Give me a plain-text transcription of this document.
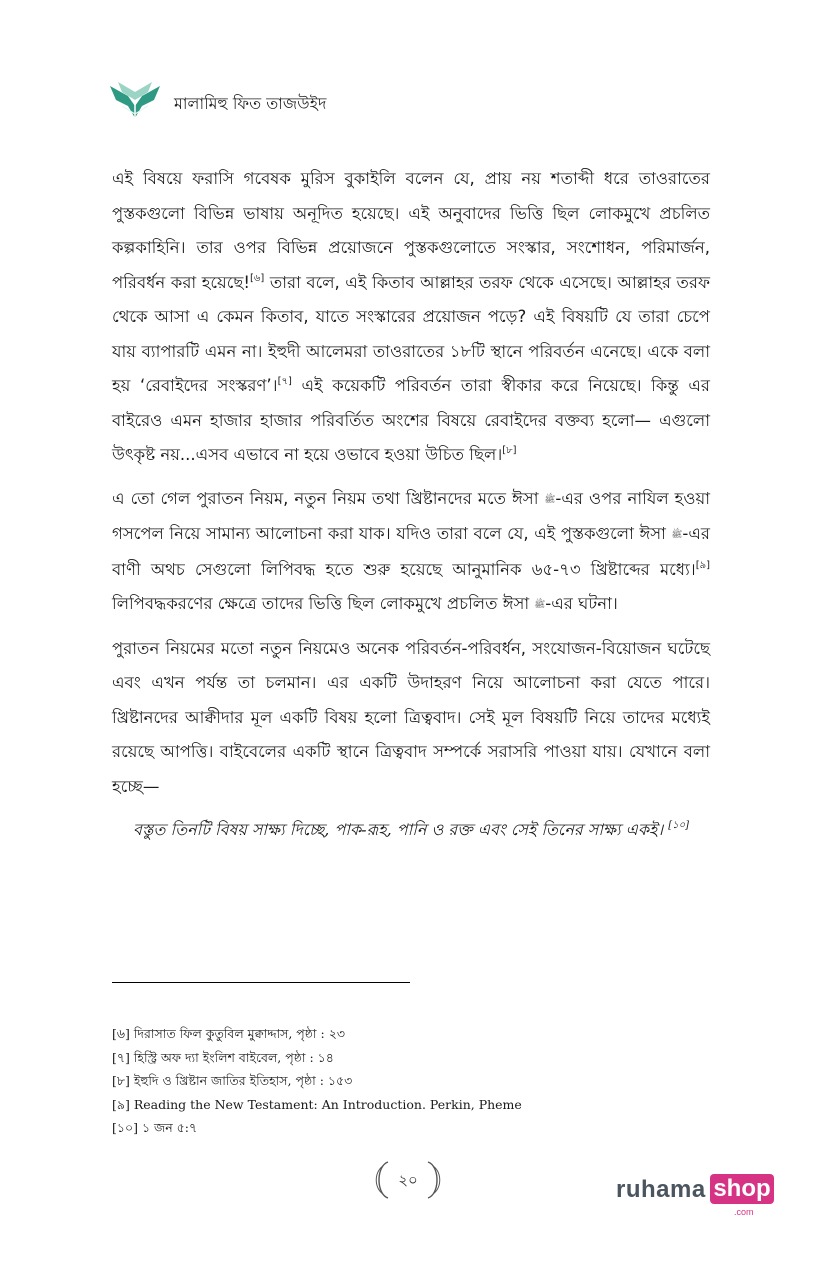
মালামিহু ফিত তাজউইদ

এই বিষয়ে ফরাসি গবেষক মুরিস বুকাইলি বলেন যে, প্রায় নয় শতাব্দী ধরে তাওরাতের পুস্তকগুলো বিভিন্ন ভাষায় অনূদিত হয়েছে। এই অনুবাদের ভিত্তি ছিল লোকমুখে প্রচলিত কল্পকাহিনি। তার ওপর বিভিন্ন প্রয়োজনে পুস্তকগুলোতে সংস্কার, সংশোধন, পরিমার্জন, পরিবর্ধন করা হয়েছে![৬] তারা বলে, এই কিতাব আল্লাহর তরফ থেকে এসেছে। আল্লাহর তরফ থেকে আসা এ কেমন কিতাব, যাতে সংস্কারের প্রয়োজন পড়ে? এই বিষয়টি যে তারা চেপে যায় ব্যাপারটি এমন না। ইহুদী আলেমরা তাওরাতের ১৮টি স্থানে পরিবর্তন এনেছে। একে বলা হয় ‘রেবাইদের সংস্করণ’।[৭] এই কয়েকটি পরিবর্তন তারা স্বীকার করে নিয়েছে। কিন্তু এর বাইরেও এমন হাজার হাজার পরিবর্তিত অংশের বিষয়ে রেবাইদের বক্তব্য হলো— এগুলো উৎকৃষ্ট নয়...এসব এভাবে না হয়ে ওভাবে হওয়া উচিত ছিল।[৮]

এ তো গেল পুরাতন নিয়ম, নতুন নিয়ম তথা খ্রিষ্টানদের মতে ঈসা ﷺ-এর ওপর নাযিল হওয়া গসপেল নিয়ে সামান্য আলোচনা করা যাক। যদিও তারা বলে যে, এই পুস্তকগুলো ঈসা ﷺ-এর বাণী অথচ সেগুলো লিপিবদ্ধ হতে শুরু হয়েছে আনুমানিক ৬৫-৭৩ খ্রিষ্টাব্দের মধ্যে।[৯] লিপিবদ্ধকরণের ক্ষেত্রে তাদের ভিত্তি ছিল লোকমুখে প্রচলিত ঈসা ﷺ-এর ঘটনা।

পুরাতন নিয়মের মতো নতুন নিয়মেও অনেক পরিবর্তন-পরিবর্ধন, সংযোজন-বিয়োজন ঘটেছে এবং এখন পর্যন্ত তা চলমান। এর একটি উদাহরণ নিয়ে আলোচনা করা যেতে পারে। খ্রিষ্টানদের আক্বীদার মূল একটি বিষয় হলো ত্রিত্ববাদ। সেই মূল বিষয়টি নিয়ে তাদের মধ্যেই রয়েছে আপত্তি। বাইবেলের একটি স্থানে ত্রিত্ববাদ সম্পর্কে সরাসরি পাওয়া যায়। যেখানে বলা হচ্ছে—

বস্তুত তিনটি বিষয় সাক্ষ্য দিচ্ছে, পাক-রূহ, পানি ও রক্ত এবং সেই তিনের সাক্ষ্য একই। [১০]

[৬] দিরাসাত ফিল কুতুবিল মুক্বাদ্দাস, পৃষ্ঠা : ২৩
[৭] হিস্ট্রি অফ দ্যা ইংলিশ বাইবেল, পৃষ্ঠা : ১৪
[৮] ইহুদি ও খ্রিষ্টান জাতির ইতিহাস, পৃষ্ঠা : ১৫৩
[৯] Reading the New Testament: An Introduction. Perkin, Pheme
[১০] ১ জন ৫:৭
২০	ruhama shop
.com
